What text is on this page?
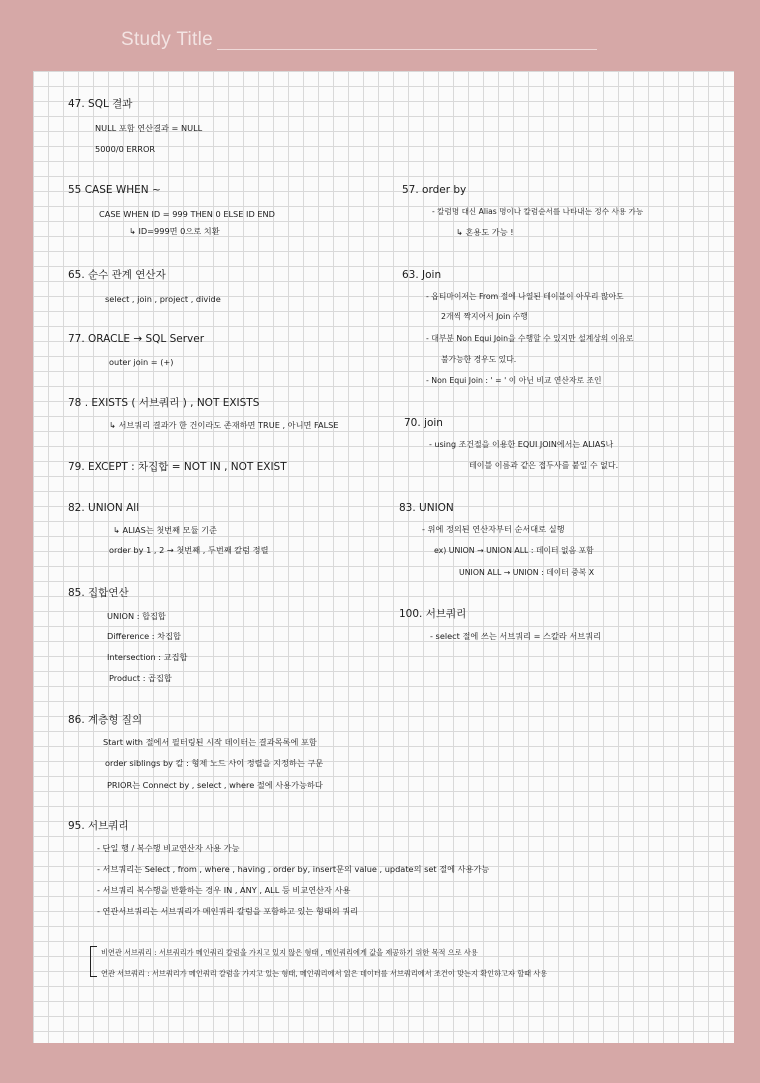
Study Title
47. SQL 결과
NULL 포함 연산결과 = NULL
5000/0 ERROR
55 CASE WHEN ~
CASE WHEN ID = 999 THEN 0 ELSE ID END
↳ ID=999면 0으로 치환
65. 순수 관계 연산자
select , join , project , divide
77. ORACLE → SQL Server
outer join = (+)
78 . EXISTS ( 서브쿼리 ) , NOT EXISTS
↳ 서브쿼리 결과가 한 건이라도 존재하면 TRUE , 아니면 FALSE
79. EXCEPT : 차집합 = NOT IN , NOT EXIST
82. UNION All
↳ ALIAS는 첫번째 모듈 기준
order by 1 , 2 → 첫번째 , 두번째 칼럼 정렬
85. 집합연산
UNION : 합집합
Difference : 차집합
Intersection : 교집합
Product : 곱집합
86. 계층형 질의
Start with 절에서 필터링된 시작 데이터는 결과목록에 포함
order siblings by 칼 : 형제 노드 사이 정렬을 지정하는 구문
PRIOR는 Connect by , select , where 절에 사용가능하다
95. 서브쿼리
- 단일 행 / 복수행 비교연산자 사용 가능
- 서브쿼리는 Select , from , where , having , order by, insert문의 value , update의 set 절에 사용가능
- 서브쿼리 복수행을 반환하는 경우 IN , ANY , ALL 등 비교연산자 사용
- 연관서브쿼리는 서브쿼리가 메인쿼리 칼럼을 포함하고 있는 형태의 쿼리
비연관 서브쿼리 : 서브쿼리가 메인쿼리 칼럼을 가지고 있지 않은 형태 , 메인쿼리에게 값을 제공하기 위한 목적 으로 사용
연관 서브쿼리 : 서브쿼리가 메인쿼리 칼럼을 가지고 있는 형태, 메인쿼리에서 읽은 데이터를 서브쿼리에서 조건이 맞는지 확인하고자 할때 사용
57. order by
- 칼럼명 대신 Alias 명이나 칼럼순서를 나타내는 정수 사용 가능
↳ 혼용도 가능 !
63. Join
- 옵티마이저는 From 절에 나열된 테이블이 아무리 많아도
2개씩 짝지어서 Join 수행
- 대부분 Non Equi Join을 수행할 수 있지만 설계상의 이유로
불가능한 경우도 있다.
- Non Equi Join : ' = ' 이 아닌 비교 연산자로 조인
70. join
- using 조건절을 이용한 EQUI JOIN에서는 ALIAS나
테이블 이름과 같은 접두사를 붙일 수 없다.
83. UNION
- 위에 정의된 연산자부터 순서대로 실행
ex) UNION → UNION ALL : 데이터 없음 포함
UNION ALL → UNION : 데이터 중복 X
100. 서브쿼리
- select 절에 쓰는 서브쿼리 = 스칼라 서브쿼리
